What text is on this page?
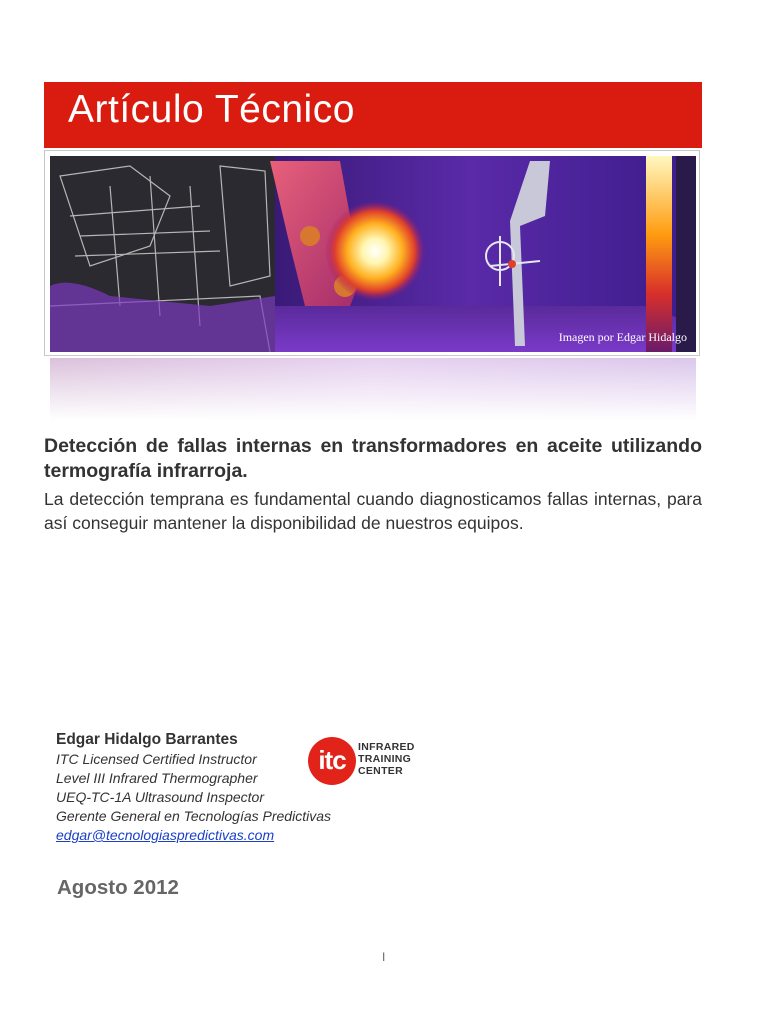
Artículo Técnico
Imagen por Edgar Hidalgo
Detección de fallas internas en transformadores en aceite utilizando termografía infrarroja.
La detección temprana es fundamental cuando diagnosticamos fallas internas, para así conseguir mantener la disponibilidad de nuestros equipos.
Edgar Hidalgo Barrantes
ITC Licensed Certified Instructor
Level III Infrared Thermographer
UEQ-TC-1A Ultrasound Inspector
Gerente General en Tecnologías Predictivas
edgar@tecnologiaspredictivas.com
itc	INFRARED
TRAINING
CENTER
Agosto 2012
I
